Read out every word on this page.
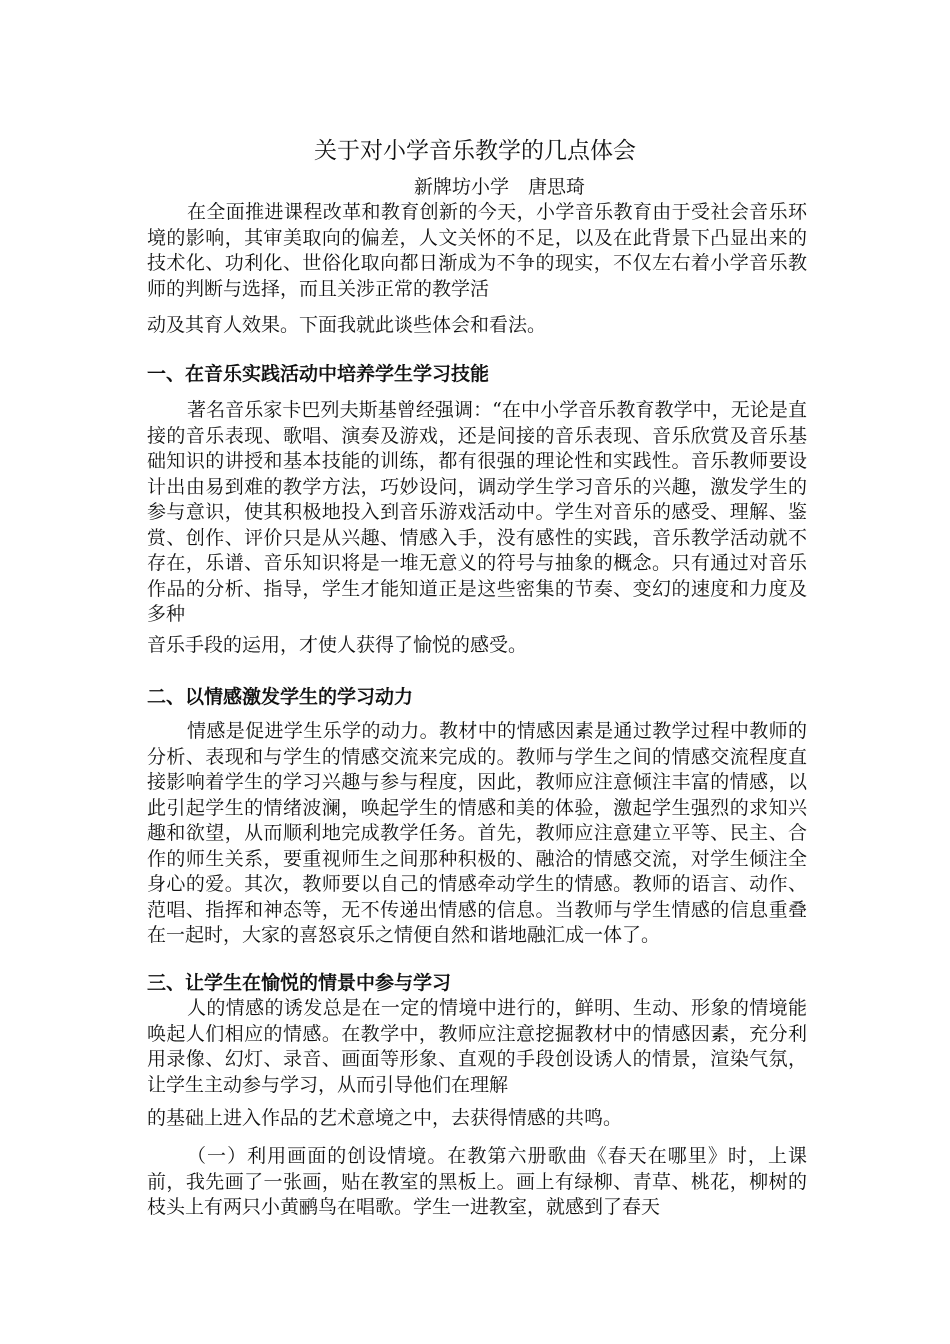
关于对小学音乐教学的几点体会
新牌坊小学　唐思琦
在全面推进课程改革和教育创新的今天，小学音乐教育由于受社会音乐环境的影响，其审美取向的偏差，人文关怀的不足，以及在此背景下凸显出来的技术化、功利化、世俗化取向都日渐成为不争的现实，不仅左右着小学音乐教师的判断与选择，而且关涉正常的教学活
动及其育人效果。下面我就此谈些体会和看法。
一、在音乐实践活动中培养学生学习技能
著名音乐家卡巴列夫斯基曾经强调：“在中小学音乐教育教学中，无论是直接的音乐表现、歌唱、演奏及游戏，还是间接的音乐表现、音乐欣赏及音乐基础知识的讲授和基本技能的训练，都有很强的理论性和实践性。音乐教师要设计出由易到难的教学方法，巧妙设问，调动学生学习音乐的兴趣，激发学生的参与意识，使其积极地投入到音乐游戏活动中。学生对音乐的感受、理解、鉴赏、创作、评价只是从兴趣、情感入手，没有感性的实践，音乐教学活动就不存在，乐谱、音乐知识将是一堆无意义的符号与抽象的概念。只有通过对音乐作品的分析、指导，学生才能知道正是这些密集的节奏、变幻的速度和力度及多种
音乐手段的运用，才使人获得了愉悦的感受。
二、以情感激发学生的学习动力
情感是促进学生乐学的动力。教材中的情感因素是通过教学过程中教师的分析、表现和与学生的情感交流来完成的。教师与学生之间的情感交流程度直接影响着学生的学习兴趣与参与程度，因此，教师应注意倾注丰富的情感，以此引起学生的情绪波澜，唤起学生的情感和美的体验，激起学生强烈的求知兴趣和欲望，从而顺利地完成教学任务。首先，教师应注意建立平等、民主、合作的师生关系，要重视师生之间那种积极的、融洽的情感交流，对学生倾注全身心的爱。其次，教师要以自己的情感牵动学生的情感。教师的语言、动作、范唱、指挥和神态等，无不传递出情感的信息。当教师与学生情感的信息重叠在一起时，大家的喜怒哀乐之情便自然和谐地融汇成一体了。
三、让学生在愉悦的情景中参与学习
人的情感的诱发总是在一定的情境中进行的，鲜明、生动、形象的情境能唤起人们相应的情感。在教学中，教师应注意挖掘教材中的情感因素，充分利用录像、幻灯、录音、画面等形象、直观的手段创设诱人的情景，渲染气氛，让学生主动参与学习，从而引导他们在理解
的基础上进入作品的艺术意境之中，去获得情感的共鸣。
（一）利用画面的创设情境。在教第六册歌曲《春天在哪里》时，上课前，我先画了一张画，贴在教室的黑板上。画上有绿柳、青草、桃花，柳树的枝头上有两只小黄鹂鸟在唱歌。学生一进教室，就感到了春天
